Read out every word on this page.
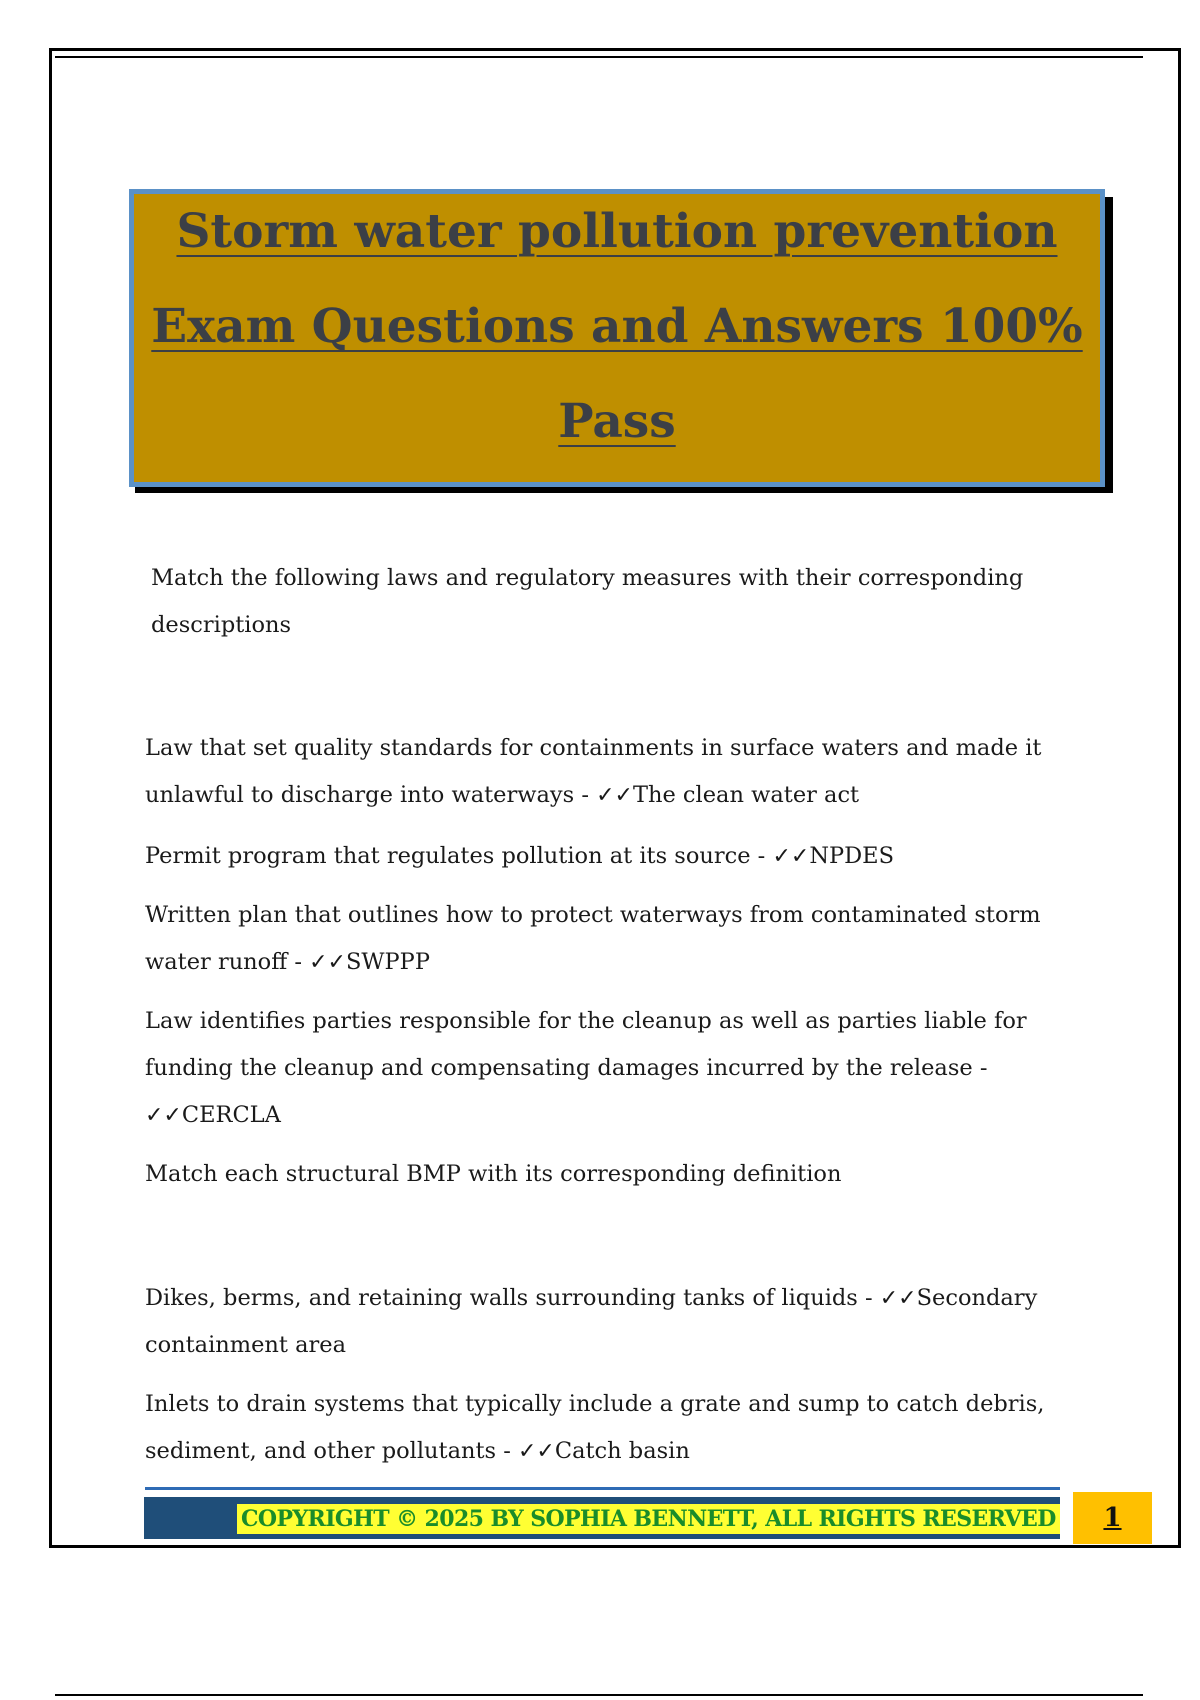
Storm water pollution prevention
Exam Questions and Answers 100%
Pass

Match the following laws and regulatory measures with their corresponding descriptions

Law that set quality standards for containments in surface waters and made it unlawful to discharge into waterways - ✓✓The clean water act

Permit program that regulates pollution at its source - ✓✓NPDES

Written plan that outlines how to protect waterways from contaminated storm water runoff - ✓✓SWPPP

Law identifies parties responsible for the cleanup as well as parties liable for funding the cleanup and compensating damages incurred by the release - ✓✓CERCLA

Match each structural BMP with its corresponding definition

Dikes, berms, and retaining walls surrounding tanks of liquids - ✓✓Secondary containment area

Inlets to drain systems that typically include a grate and sump to catch debris, sediment, and other pollutants - ✓✓Catch basin

COPYRIGHT © 2025 BY SOPHIA BENNETT, ALL RIGHTS RESERVED	1
